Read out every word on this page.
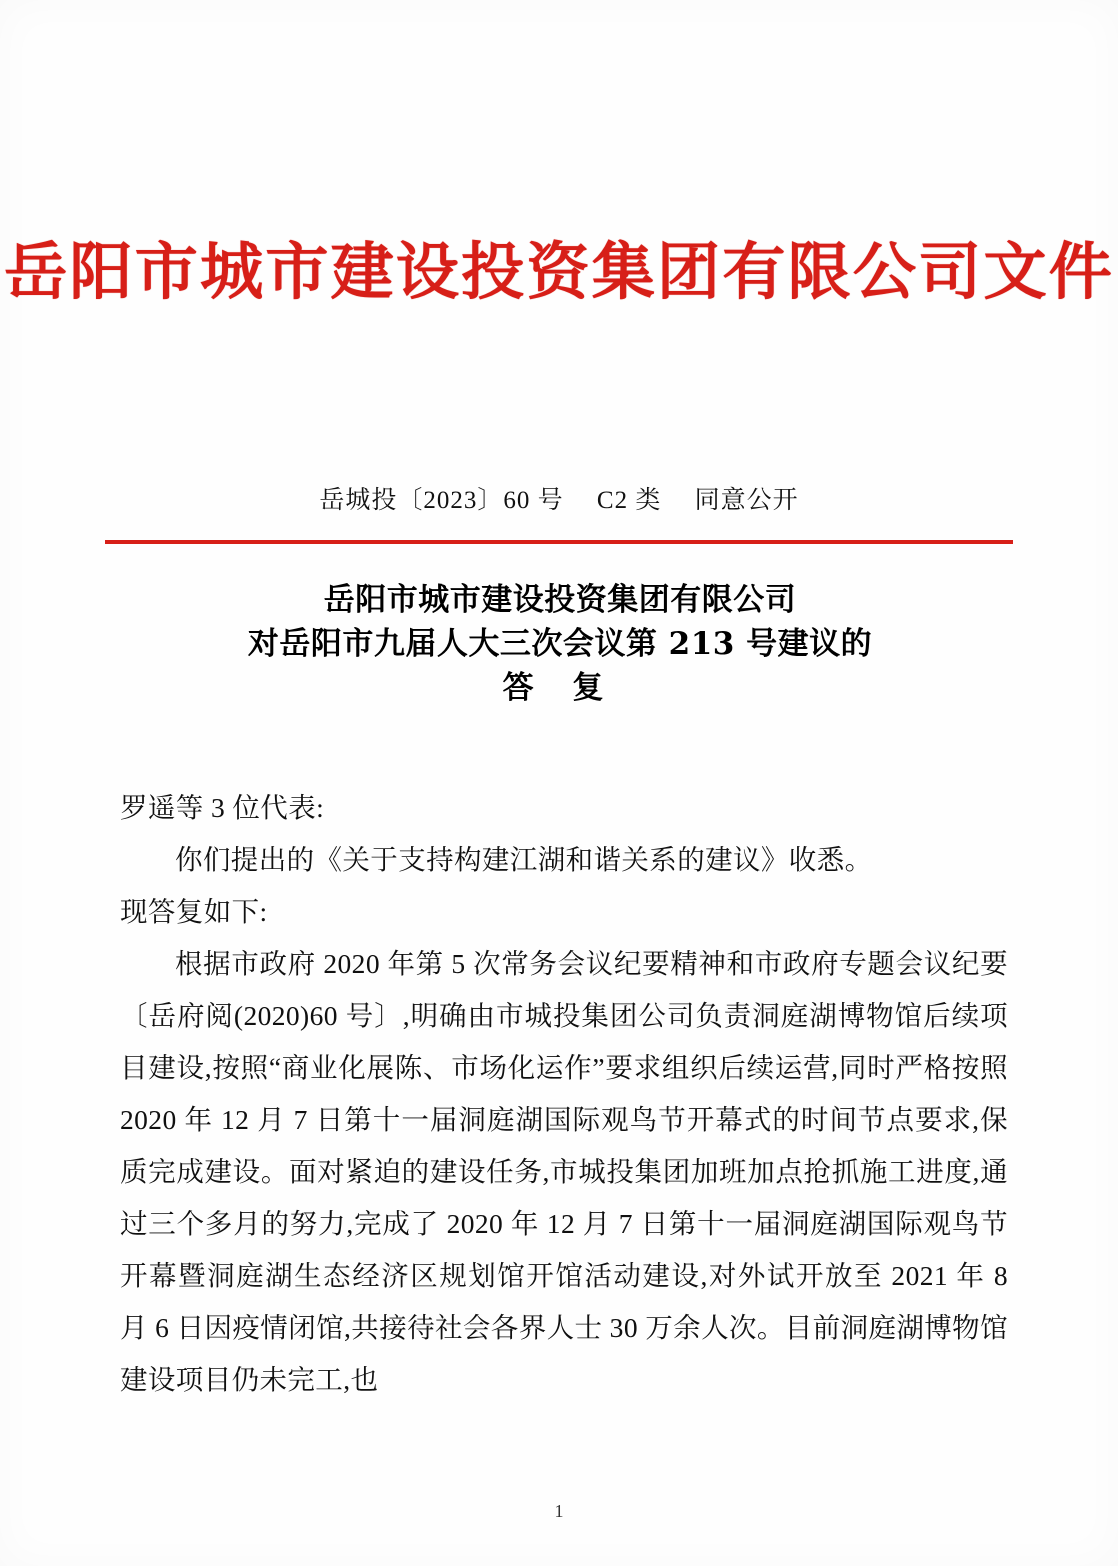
岳阳市城市建设投资集团有限公司文件
岳城投〔2023〕60 号 C2 类 同意公开
岳阳市城市建设投资集团有限公司
对岳阳市九届人大三次会议第 213 号建议的
答 复

罗遥等 3 位代表:

你们提出的《关于支持构建江湖和谐关系的建议》收悉。

现答复如下:

根据市政府 2020 年第 5 次常务会议纪要精神和市政府专题会议纪要〔岳府阅(2020)60 号〕,明确由市城投集团公司负责洞庭湖博物馆后续项目建设,按照“商业化展陈、市场化运作”要求组织后续运营,同时严格按照 2020 年 12 月 7 日第十一届洞庭湖国际观鸟节开幕式的时间节点要求,保质完成建设。面对紧迫的建设任务,市城投集团加班加点抢抓施工进度,通过三个多月的努力,完成了 2020 年 12 月 7 日第十一届洞庭湖国际观鸟节开幕暨洞庭湖生态经济区规划馆开馆活动建设,对外试开放至 2021 年 8 月 6 日因疫情闭馆,共接待社会各界人士 30 万余人次。目前洞庭湖博物馆建设项目仍未完工,也

1
